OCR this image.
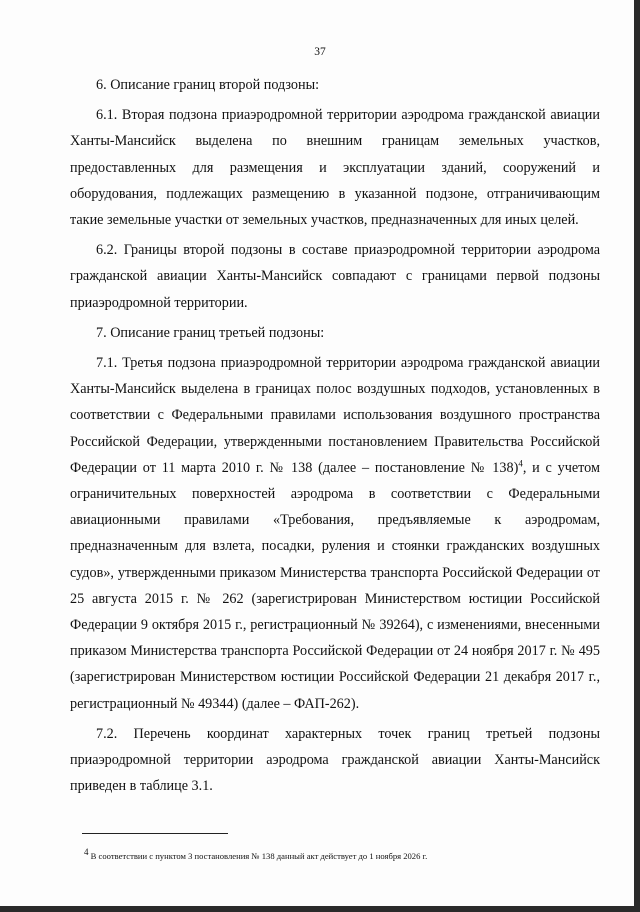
37

6. Описание границ второй подзоны:

6.1. Вторая подзона приаэродромной территории аэродрома гражданской авиации Ханты-Мансийск выделена по внешним границам земельных участков, предоставленных для размещения и эксплуатации зданий, сооружений и оборудования, подлежащих размещению в указанной подзоне, отграничивающим такие земельные участки от земельных участков, предназначенных для иных целей.

6.2. Границы второй подзоны в составе приаэродромной территории аэродрома гражданской авиации Ханты-Мансийск совпадают с границами первой подзоны приаэродромной территории.

7. Описание границ третьей подзоны:

7.1. Третья подзона приаэродромной территории аэродрома гражданской авиации Ханты-Мансийск выделена в границах полос воздушных подходов, установленных в соответствии с Федеральными правилами использования воздушного пространства Российской Федерации, утвержденными постановлением Правительства Российской Федерации от 11 марта 2010 г. № 138 (далее – постановление № 138)$^4$, и с учетом ограничительных поверхностей аэродрома в соответствии с Федеральными авиационными правилами «Требования, предъявляемые к аэродромам, предназначенным для взлета, посадки, руления и стоянки гражданских воздушных судов», утвержденными приказом Министерства транспорта Российской Федерации от 25 августа 2015 г. № 262 (зарегистрирован Министерством юстиции Российской Федерации 9 октября 2015 г., регистрационный № 39264), с изменениями, внесенными приказом Министерства транспорта Российской Федерации от 24 ноября 2017 г. № 495 (зарегистрирован Министерством юстиции Российской Федерации 21 декабря 2017 г., регистрационный № 49344) (далее – ФАП-262).

7.2. Перечень координат характерных точек границ третьей подзоны приаэродромной территории аэродрома гражданской авиации Ханты-Мансийск приведен в таблице 3.1.

$^4$ В соответствии с пунктом 3 постановления № 138 данный акт действует до 1 ноября 2026 г.
